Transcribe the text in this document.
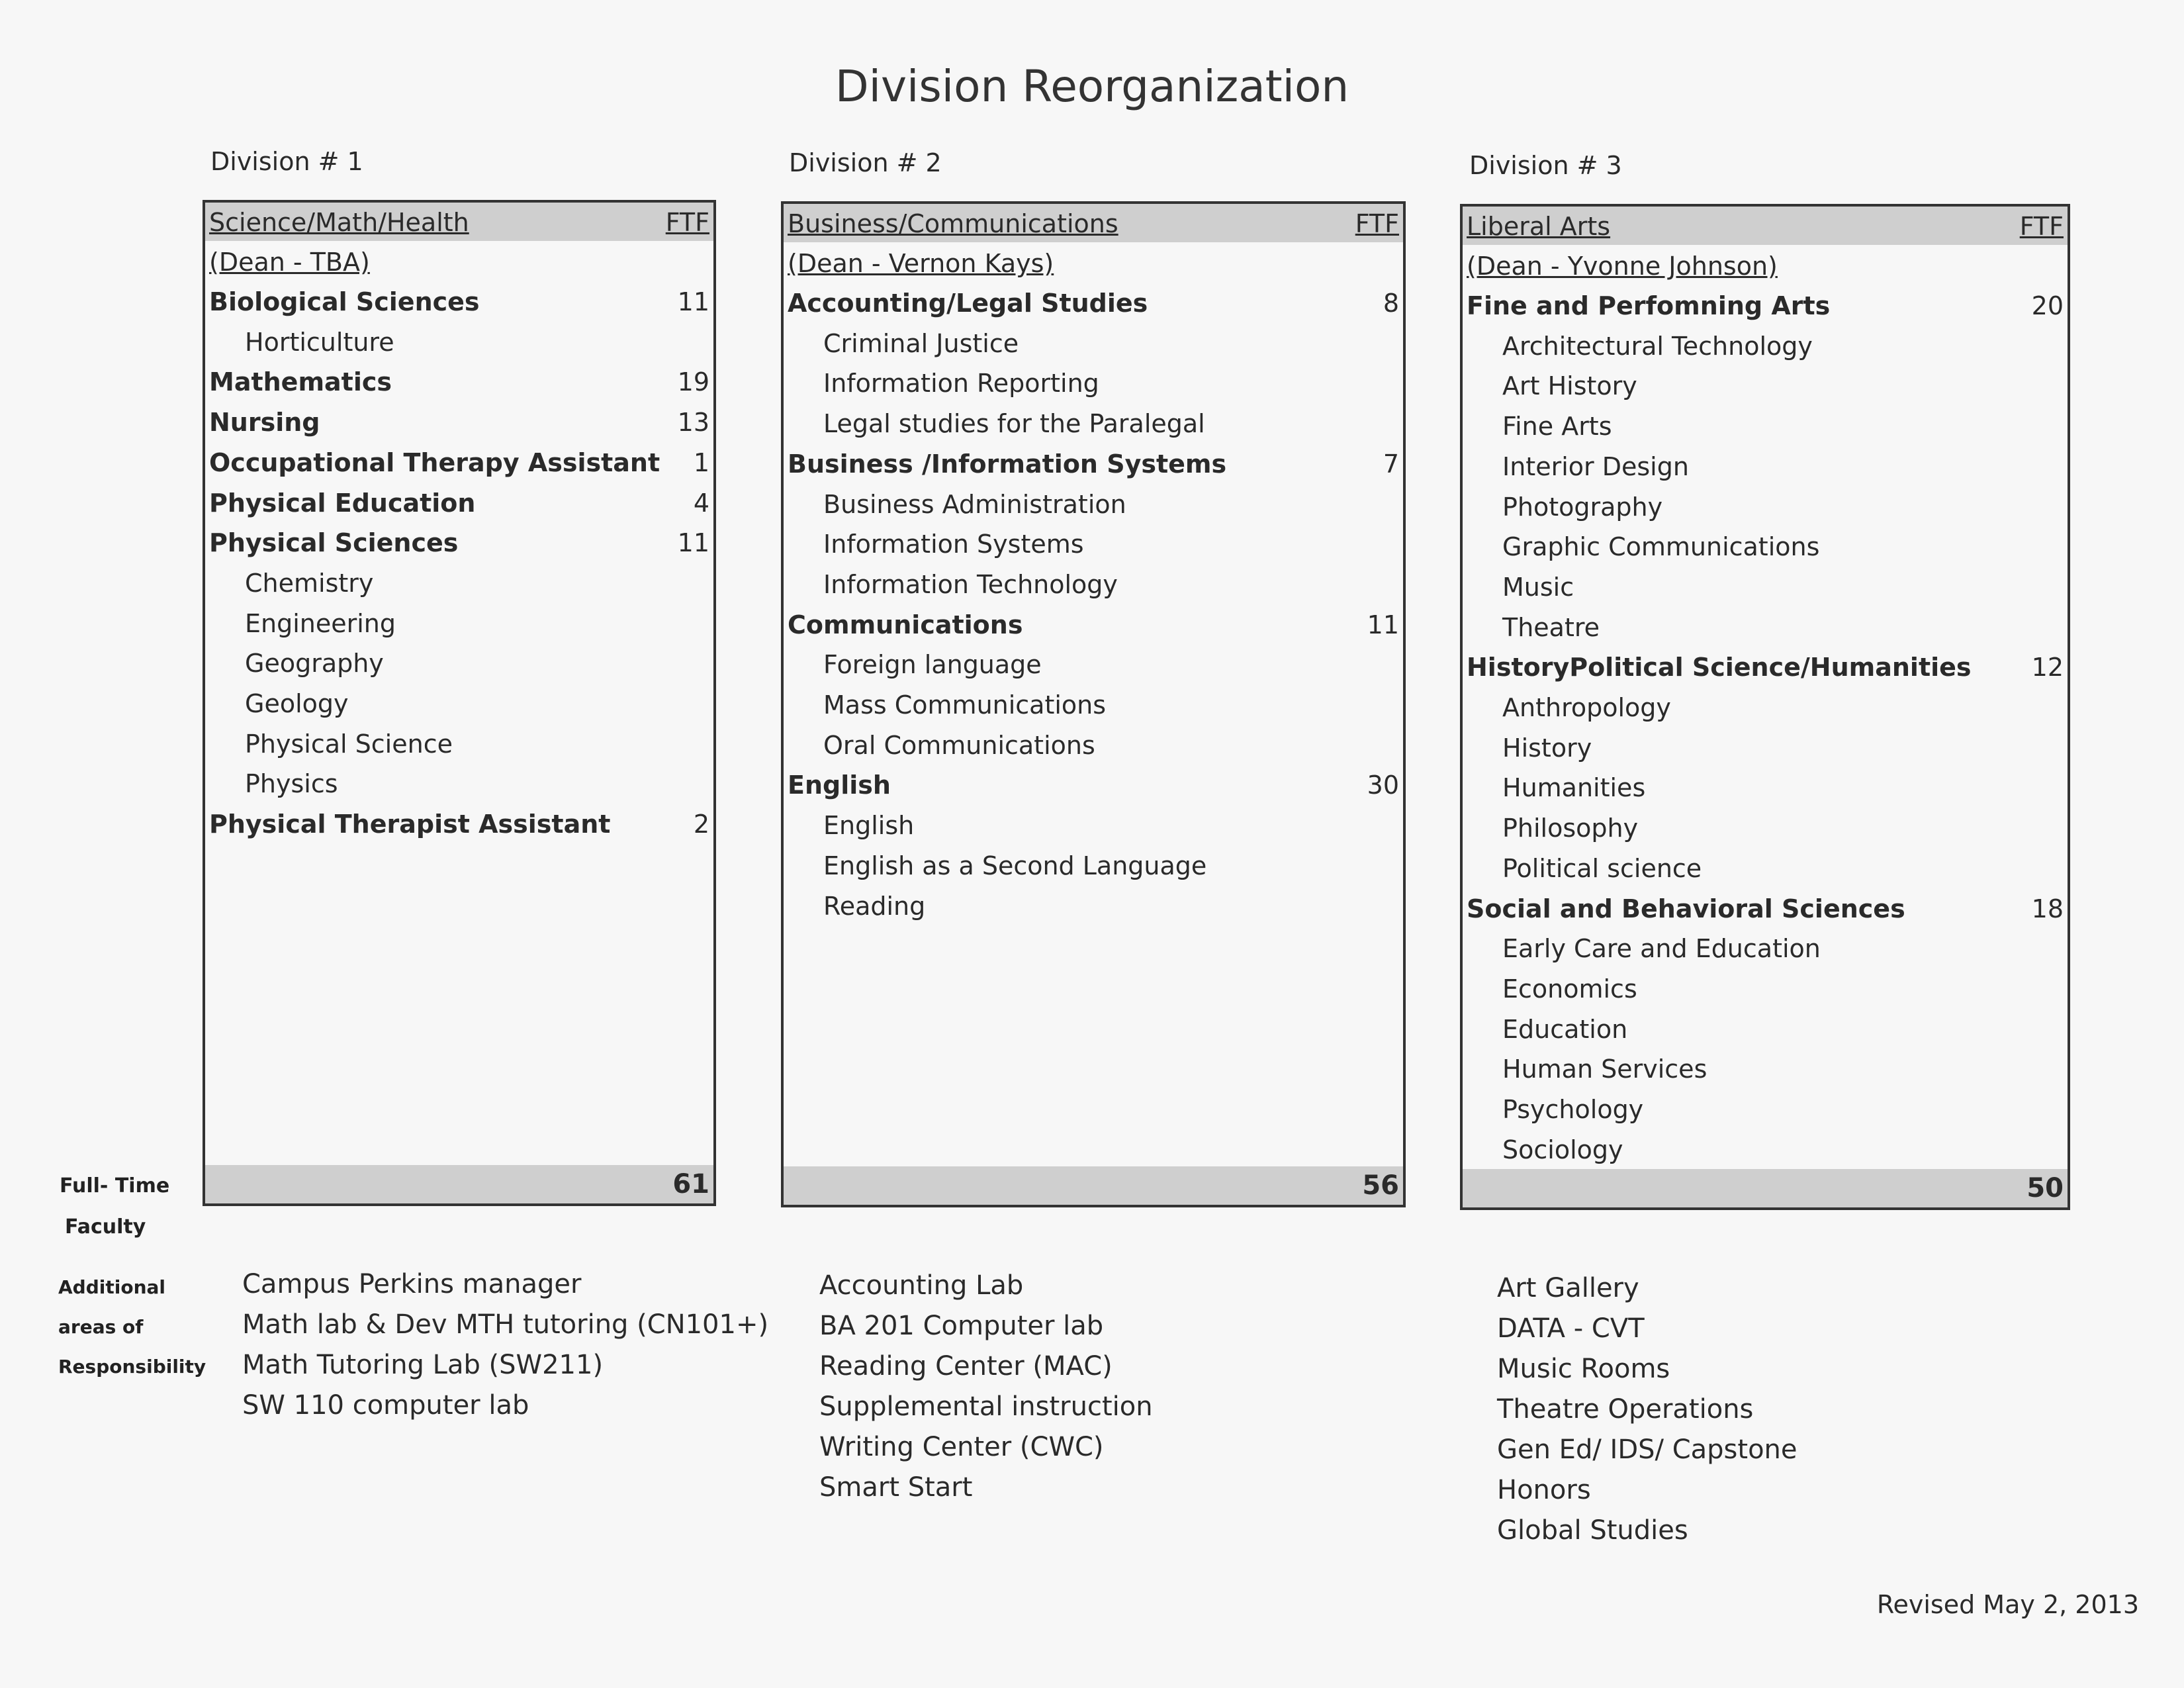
Division Reorganization
Division # 1	Division # 2	Division # 3
Science/Math/Health	FTF
(Dean - TBA)
Biological Sciences	11
Horticulture
Mathematics	19
Nursing	13
Occupational Therapy Assistant 1
Physical Education	4
Physical Sciences	11
Chemistry
Engineering
Geography
Geology
Physical Science
Physics
Physical Therapist Assistant	2
61
Business/Communications	FTF
(Dean - Vernon Kays)
Accounting/Legal Studies	8
Criminal Justice
Information Reporting
Legal studies for the Paralegal
Business /Information Systems	7
Business Administration
Information Systems
Information Technology
Communications	11
Foreign language
Mass Communications
Oral Communications
English	30
English
English as a Second Language
Reading
56
Liberal Arts	FTF
(Dean - Yvonne Johnson)
Fine and Perfomning Arts	20
Architectural Technology
Art History
Fine Arts
Interior Design
Photography
Graphic Communications
Music
Theatre
HistoryPolitical Science/Humanities 12
Anthropology
History
Humanities
Philosophy
Political science
Social and Behavioral Sciences	18
Early Care and Education
Economics
Education
Human Services
Psychology
Sociology
50
Full- Time
Faculty
Additional
areas of
Responsibility
Campus Perkins manager
Math lab & Dev MTH tutoring (CN101+)
Math Tutoring Lab (SW211)
SW 110 computer lab
Accounting Lab
BA 201 Computer lab
Reading Center (MAC)
Supplemental instruction
Writing Center (CWC)
Smart Start
Art Gallery
DATA - CVT
Music Rooms
Theatre Operations
Gen Ed/ IDS/ Capstone
Honors
Global Studies
Revised May 2, 2013
